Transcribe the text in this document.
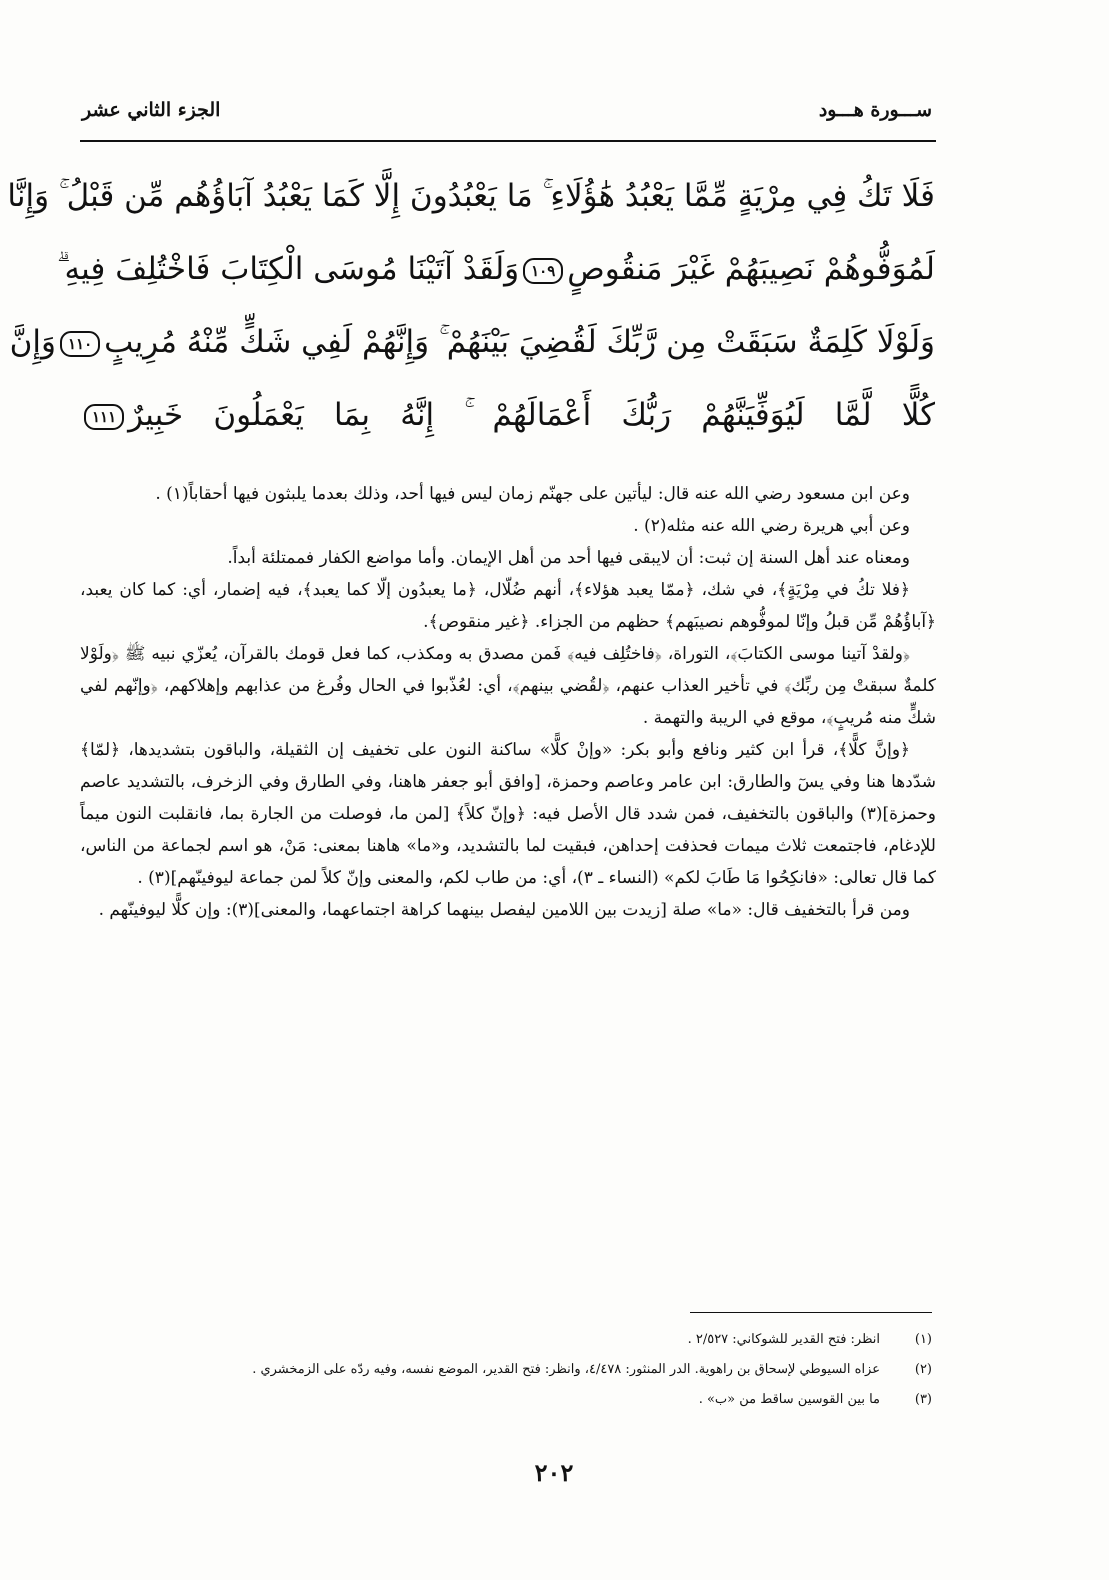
ســـورة هـــود
الجزء الثاني عشر
فَلَا تَكُ فِي مِرْيَةٍ مِّمَّا يَعْبُدُ هَٰؤُلَاءِ ۚ مَا يَعْبُدُونَ إِلَّا كَمَا يَعْبُدُ آبَاؤُهُم مِّن قَبْلُ ۚ وَإِنَّا
لَمُوَفُّوهُمْ نَصِيبَهُمْ غَيْرَ مَنقُوصٍ١٠٩وَلَقَدْ آتَيْنَا مُوسَى الْكِتَابَ فَاخْتُلِفَ فِيهِ ۗ
وَلَوْلَا كَلِمَةٌ سَبَقَتْ مِن رَّبِّكَ لَقُضِيَ بَيْنَهُمْ ۚ وَإِنَّهُمْ لَفِي شَكٍّ مِّنْهُ مُرِيبٍ١١٠وَإِنَّ
كُلًّا لَّمَّا لَيُوَفِّيَنَّهُمْ رَبُّكَ أَعْمَالَهُمْ ۚ إِنَّهُ بِمَا يَعْمَلُونَ خَبِيرٌ١١١

وعن ابن مسعود رضي الله عنه قال: ليأتين على جهنّم زمان ليس فيها أحد، وذلك بعدما يلبثون فيها أحقاباً(١) .

وعن أبي هريرة رضي الله عنه مثله(٢) .

ومعناه عند أهل السنة إن ثبت: أن لايبقى فيها أحد من أهل الإيمان. وأما مواضع الكفار فممتلئة أبداً.

﴿فلا تكُ في مِرْيَةٍ﴾، في شك، ﴿ممّا يعبد هؤلاء﴾، أنهم ضُلّال، ﴿ما يعبدُون إلّا كما يعبد﴾، فيه إضمار، أي: كما كان يعبد، ﴿آباؤُهُمْ مِّن قبلُ وإنّا لموفُّوهم نصيبَهم﴾ حظهم من الجزاء. ﴿غير منقوص﴾.

﴿ولقدْ آتينا موسى الكتابَ﴾، التوراة، ﴿فاختُلِف فيه﴾ فَمن مصدق به ومكذب، كما فعل قومك بالقرآن، يُعزّي نبيه ﷺ ﴿ولَوْلا كلمةٌ سبقتْ مِن ربِّك﴾ في تأخير العذاب عنهم، ﴿لقُضي بينهم﴾، أي: لعُذّبوا في الحال وفُرغ من عذابهم وإهلاكهم، ﴿وإنّهم لفي شكٍّ منه مُريبٍ﴾، موقع في الريبة والتهمة .

﴿وإنَّ كلًّا﴾، قرأ ابن كثير ونافع وأبو بكر: «وإنْ كلًّا» ساكنة النون على تخفيف إن الثقيلة، والباقون بتشديدها، ﴿لمّا﴾ شدّدها هنا وفي يسٓ والطارق: ابن عامر وعاصم وحمزة، [وافق أبو جعفر هاهنا، وفي الطارق وفي الزخرف، بالتشديد عاصم وحمزة](٣) والباقون بالتخفيف، فمن شدد قال الأصل فيه: ﴿وإنّ كلاً﴾ [لمن ما، فوصلت من الجارة بما، فانقلبت النون ميماً للإدغام، فاجتمعت ثلاث ميمات فحذفت إحداهن، فبقيت لما بالتشديد، و«ما» هاهنا بمعنى: مَنْ، هو اسم لجماعة من الناس، كما قال تعالى: «فانكِحُوا مَا طَابَ لكم» (النساء ـ ٣)، أي: من طاب لكم، والمعنى وإنّ كلاً لمن جماعة ليوفينّهم](٣) .

ومن قرأ بالتخفيف قال: «ما» صلة [زيدت بين اللامين ليفصل بينهما كراهة اجتماعهما، والمعنى](٣): وإن كلًّا ليوفينّهم .

(١)
انظر: فتح القدير للشوكاني: ٢/٥٢٧ .
(٢)
عزاه السيوطي لإسحاق بن راهوية. الدر المنثور: ٤/٤٧٨، وانظر: فتح القدير، الموضع نفسه، وفيه ردّه على الزمخشري .
(٣)
ما بين القوسين ساقط من «ب» .
٢٠٢
